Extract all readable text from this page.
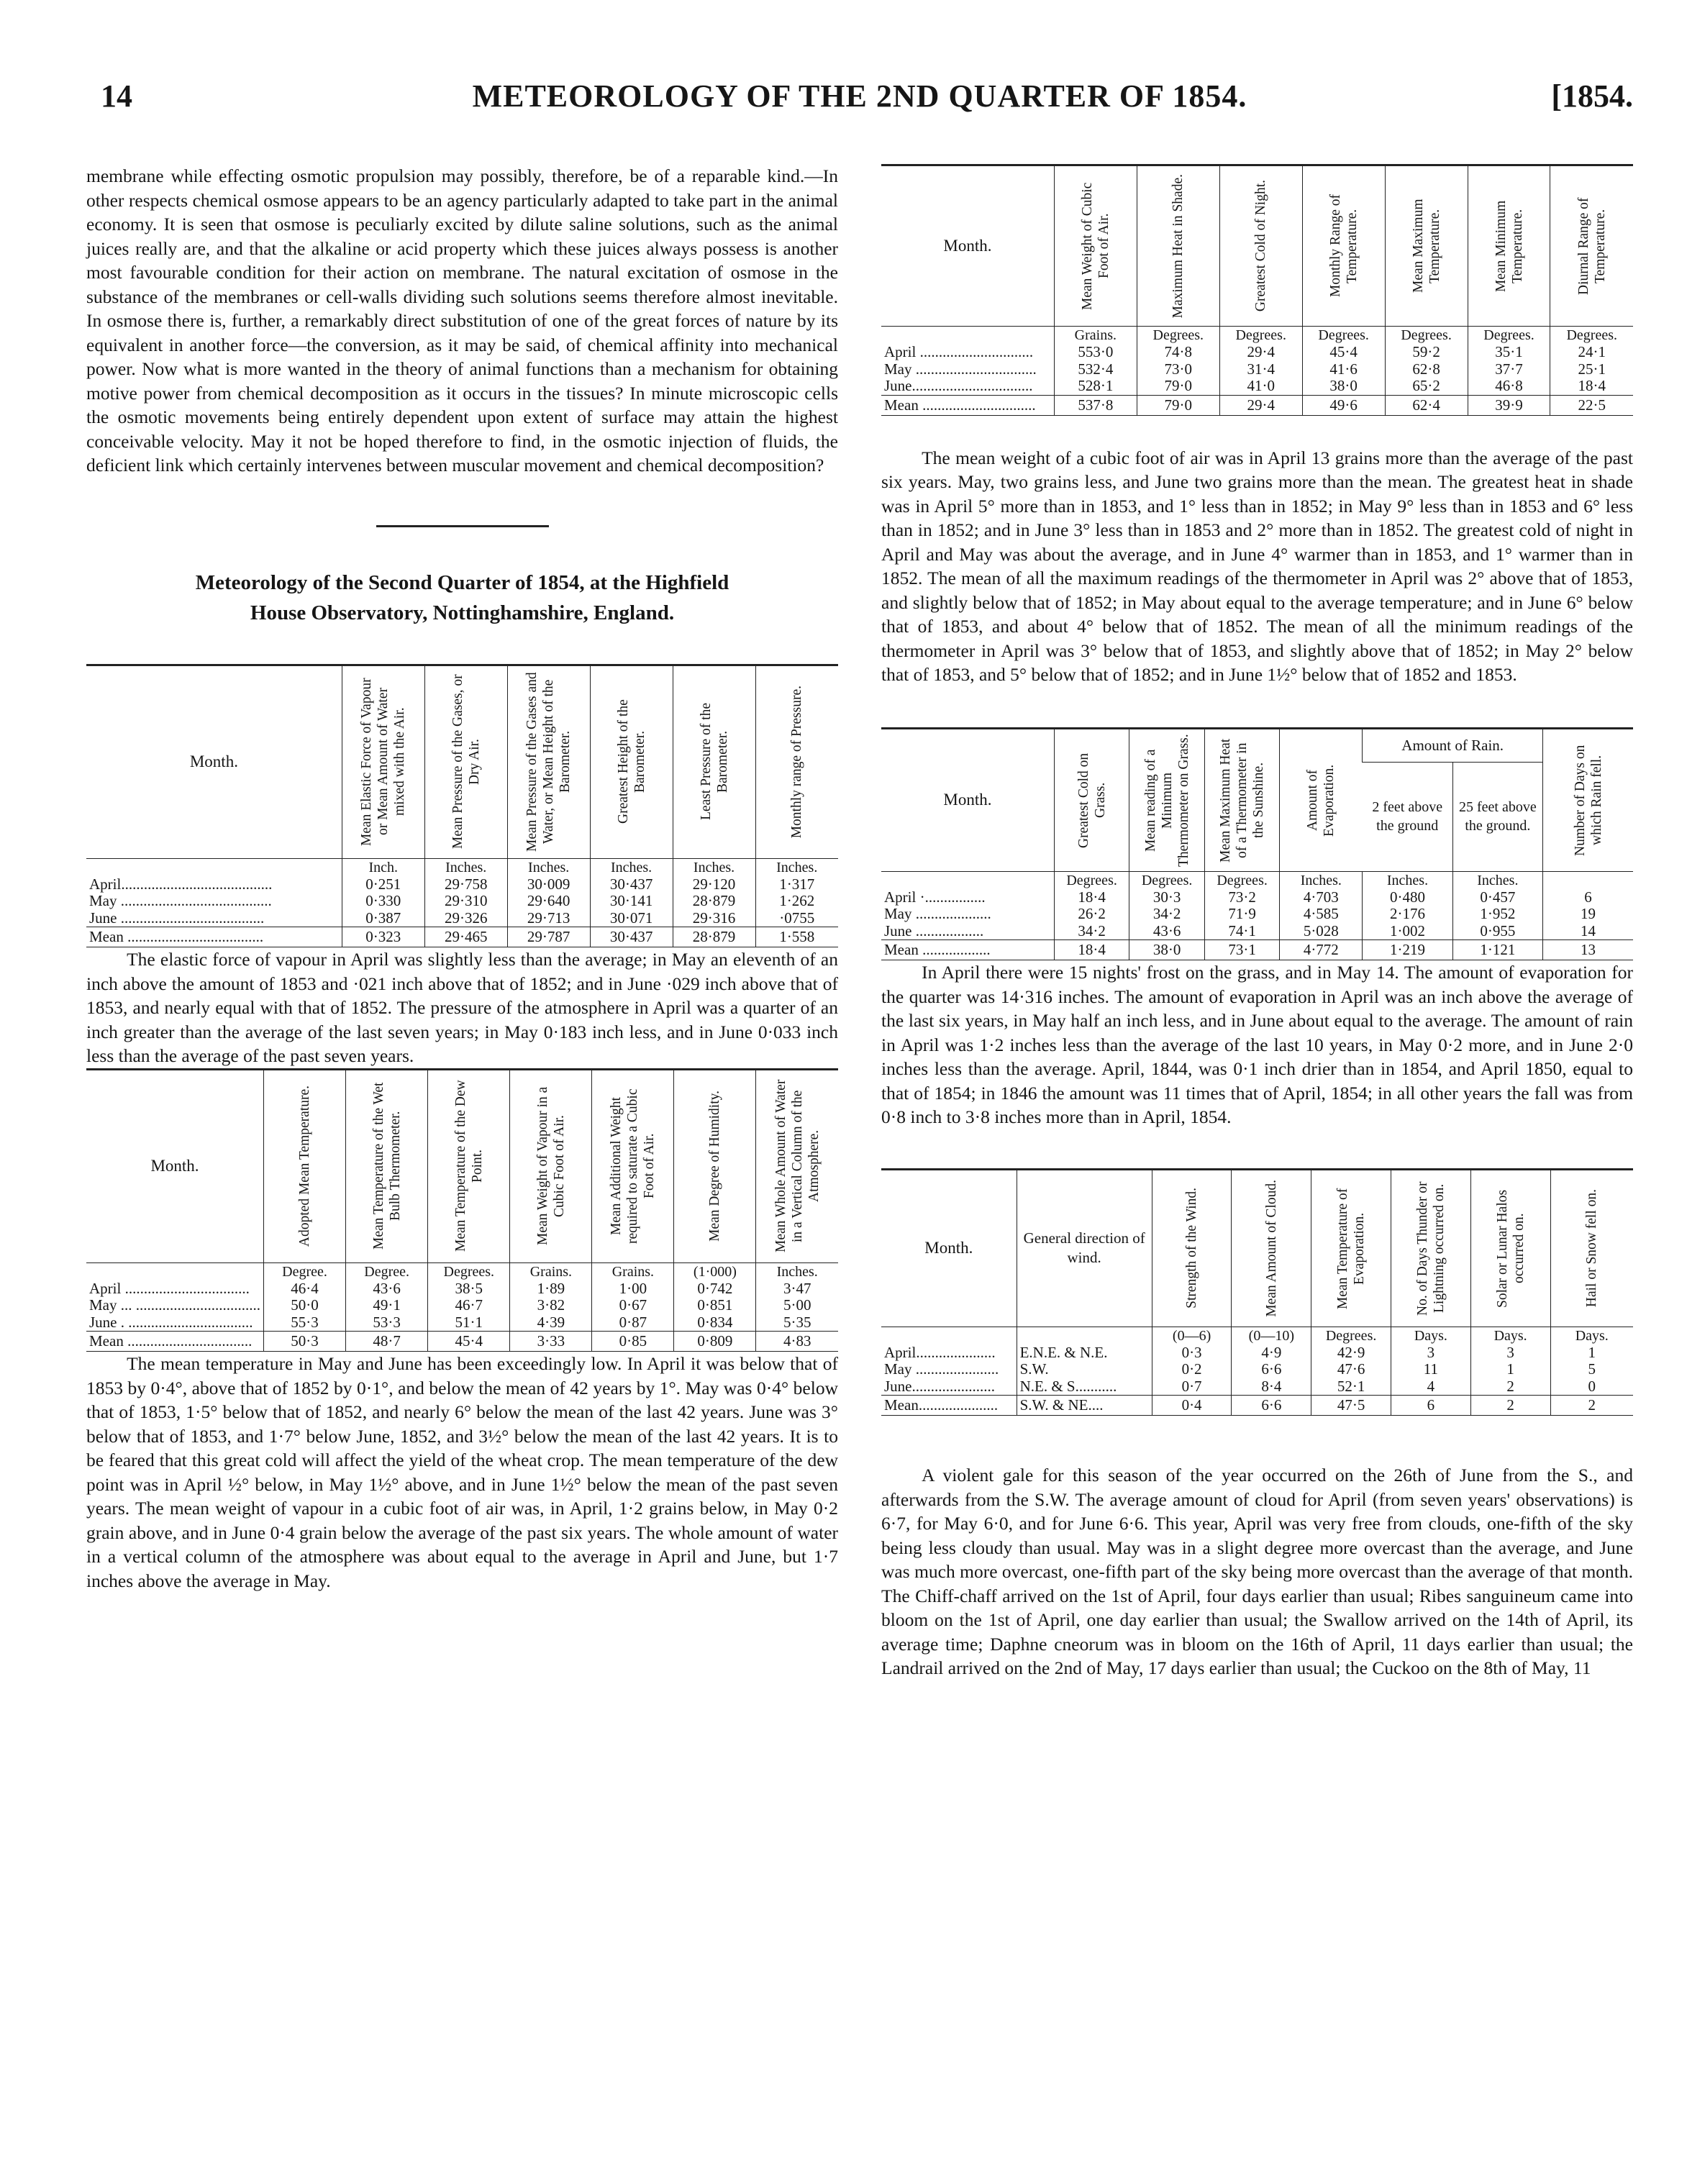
14	METEOROLOGY OF THE 2ND QUARTER OF 1854.	[1854.

membrane while effecting osmotic propulsion may possibly, therefore, be of a reparable kind.—In other respects chemical osmose appears to be an agency particularly adapted to take part in the animal economy. It is seen that osmose is peculiarly excited by dilute saline solutions, such as the animal juices really are, and that the alkaline or acid property which these juices always possess is another most favourable condition for their action on membrane. The natural excitation of osmose in the substance of the membranes or cell-walls dividing such solutions seems therefore almost inevitable. In osmose there is, further, a remarkably direct substitution of one of the great forces of nature by its equivalent in another force—the conversion, as it may be said, of chemical affinity into mechanical power. Now what is more wanted in the theory of animal functions than a mechanism for obtaining motive power from chemical decomposition as it occurs in the tissues? In minute microscopic cells the osmotic movements being entirely dependent upon extent of surface may attain the highest conceivable velocity. May it not be hoped therefore to find, in the osmotic injection of fluids, the deficient link which certainly intervenes between muscular movement and chemical decomposition?

Meteorology of the Second Quarter of 1854, at the Highfield
House Observatory, Nottinghamshire, England.
Month.	Mean Elastic Force of Vapour or Mean Amount of Water mixed with the Air.	Mean Pressure of the Gases, or Dry Air.	Mean Pressure of the Gases and Water, or Mean Height of the Barometer.	Greatest Height of the Barometer.	Least Pressure of the Barometer.	Monthly range of Pressure.

	Inch.	Inches.	Inches.	Inches.	Inches.	Inches.
April........................................	0·251	29·758	30·009	30·437	29·120	1·317
May ........................................	0·330	29·310	29·640	30·141	28·879	1·262
June ......................................	0·387	29·326	29·713	30·071	29·316	·0755
Mean ....................................	0·323	29·465	29·787	30·437	28·879	1·558

The elastic force of vapour in April was slightly less than the average; in May an eleventh of an inch above the amount of 1853 and ·021 inch above that of 1852; and in June ·029 inch above that of 1853, and nearly equal with that of 1852. The pressure of the atmosphere in April was a quarter of an inch greater than the average of the last seven years; in May 0·183 inch less, and in June 0·033 inch less than the average of the past seven years.

Month.	Adopted Mean Temperature.	Mean Temperature of the Wet Bulb Thermometer.	Mean Temperature of the Dew Point.	Mean Weight of Vapour in a Cubic Foot of Air.	Mean Additional Weight required to saturate a Cubic Foot of Air.	Mean Degree of Humidity.	Mean Whole Amount of Water in a Vertical Column of the Atmosphere.

	Degree.	Degree.	Degrees.	Grains.	Grains.	(1·000)	Inches.
April .................................	46·4	43·6	38·5	1·89	1·00	0·742	3·47
May ... .................................	50·0	49·1	46·7	3·82	0·67	0·851	5·00
June . .................................	55·3	53·3	51·1	4·39	0·87	0·834	5·35
Mean .................................	50·3	48·7	45·4	3·33	0·85	0·809	4·83

The mean temperature in May and June has been exceedingly low. In April it was below that of 1853 by 0·4°, above that of 1852 by 0·1°, and below the mean of 42 years by 1°. May was 0·4° below that of 1853, 1·5° below that of 1852, and nearly 6° below the mean of the last 42 years. June was 3° below that of 1853, and 1·7° below June, 1852, and 3½° below the mean of the last 42 years. It is to be feared that this great cold will affect the yield of the wheat crop. The mean temperature of the dew point was in April ½° below, in May 1½° above, and in June 1½° below the mean of the past seven years. The mean weight of vapour in a cubic foot of air was, in April, 1·2 grains below, in May 0·2 grain above, and in June 0·4 grain below the average of the past six years. The whole amount of water in a vertical column of the atmosphere was about equal to the average in April and June, but 1·7 inches above the average in May.

Month.	Mean Weight of Cubic Foot of Air.	Maximum Heat in Shade.	Greatest Cold of Night.	Monthly Range of Temperature.	Mean Maximum Temperature.	Mean Minimum Temperature.	Diurnal Range of Temperature.

	Grains.	Degrees.	Degrees.	Degrees.	Degrees.	Degrees.	Degrees.
April ..............................	553·0	74·8	29·4	45·4	59·2	35·1	24·1
May ................................	532·4	73·0	31·4	41·6	62·8	37·7	25·1
June................................	528·1	79·0	41·0	38·0	65·2	46·8	18·4
Mean ..............................	537·8	79·0	29·4	49·6	62·4	39·9	22·5

The mean weight of a cubic foot of air was in April 13 grains more than the average of the past six years. May, two grains less, and June two grains more than the mean. The greatest heat in shade was in April 5° more than in 1853, and 1° less than in 1852; in May 9° less than in 1853 and 6° less than in 1852; and in June 3° less than in 1853 and 2° more than in 1852. The greatest cold of night in April and May was about the average, and in June 4° warmer than in 1853, and 1° warmer than in 1852. The mean of all the maximum readings of the thermometer in April was 2° above that of 1853, and slightly below that of 1852; in May about equal to the average temperature; and in June 6° below that of 1853, and about 4° below that of 1852. The mean of all the minimum readings of the thermometer in April was 3° below that of 1853, and slightly above that of 1852; in May 2° below that of 1853, and 5° below that of 1852; and in June 1½° below that of 1852 and 1853.

Month.	Greatest Cold on Grass.	Mean reading of a Minimum Thermometer on Grass.	Mean Maximum Heat of a Thermometer in the Sunshine.	Amount of Evaporation.	Amount of Rain.		Number of Days on which Rain fell.

					2 feet above the ground	25 feet above the ground.	
	Degrees.	Degrees.	Degrees.	Inches.	Inches.	Inches.	
April ·................	18·4	30·3	73·2	4·703	0·480	0·457	6
May ....................	26·2	34·2	71·9	4·585	2·176	1·952	19
June ..................	34·2	43·6	74·1	5·028	1·002	0·955	14
Mean ..................	18·4	38·0	73·1	4·772	1·219	1·121	13

In April there were 15 nights' frost on the grass, and in May 14. The amount of evaporation for the quarter was 14·316 inches. The amount of evaporation in April was an inch above the average of the last six years, in May half an inch less, and in June about equal to the average. The amount of rain in April was 1·2 inches less than the average of the last 10 years, in May 0·2 more, and in June 2·0 inches less than the average. April, 1844, was 0·1 inch drier than in 1854, and April 1850, equal to that of 1854; in 1846 the amount was 11 times that of April, 1854; in all other years the fall was from 0·8 inch to 3·8 inches more than in April, 1854.

Month.	General direction of wind.	Strength of the Wind.	Mean Amount of Cloud.	Mean Temperature of Evaporation.	No. of Days Thunder or Lightning occurred on.	Solar or Lunar Halos occurred on.	Hail or Snow fell on.

		(0—6)	(0—10)	Degrees.	Days.	Days.	Days.
April.....................	E.N.E. & N.E.	0·3	4·9	42·9	3	3	1
May ......................	S.W.	0·2	6·6	47·6	11	1	5
June......................	N.E. & S...........	0·7	8·4	52·1	4	2	0
Mean.....................	S.W. & NE....	0·4	6·6	47·5	6	2	2

A violent gale for this season of the year occurred on the 26th of June from the S., and afterwards from the S.W. The average amount of cloud for April (from seven years' observations) is 6·7, for May 6·0, and for June 6·6. This year, April was very free from clouds, one-fifth of the sky being less cloudy than usual. May was in a slight degree more overcast than the average, and June was much more overcast, one-fifth part of the sky being more overcast than the average of that month. The Chiff-chaff arrived on the 1st of April, four days earlier than usual; Ribes sanguineum came into bloom on the 1st of April, one day earlier than usual; the Swallow arrived on the 14th of April, its average time; Daphne cneorum was in bloom on the 16th of April, 11 days earlier than usual; the Landrail arrived on the 2nd of May, 17 days earlier than usual; the Cuckoo on the 8th of May, 11
